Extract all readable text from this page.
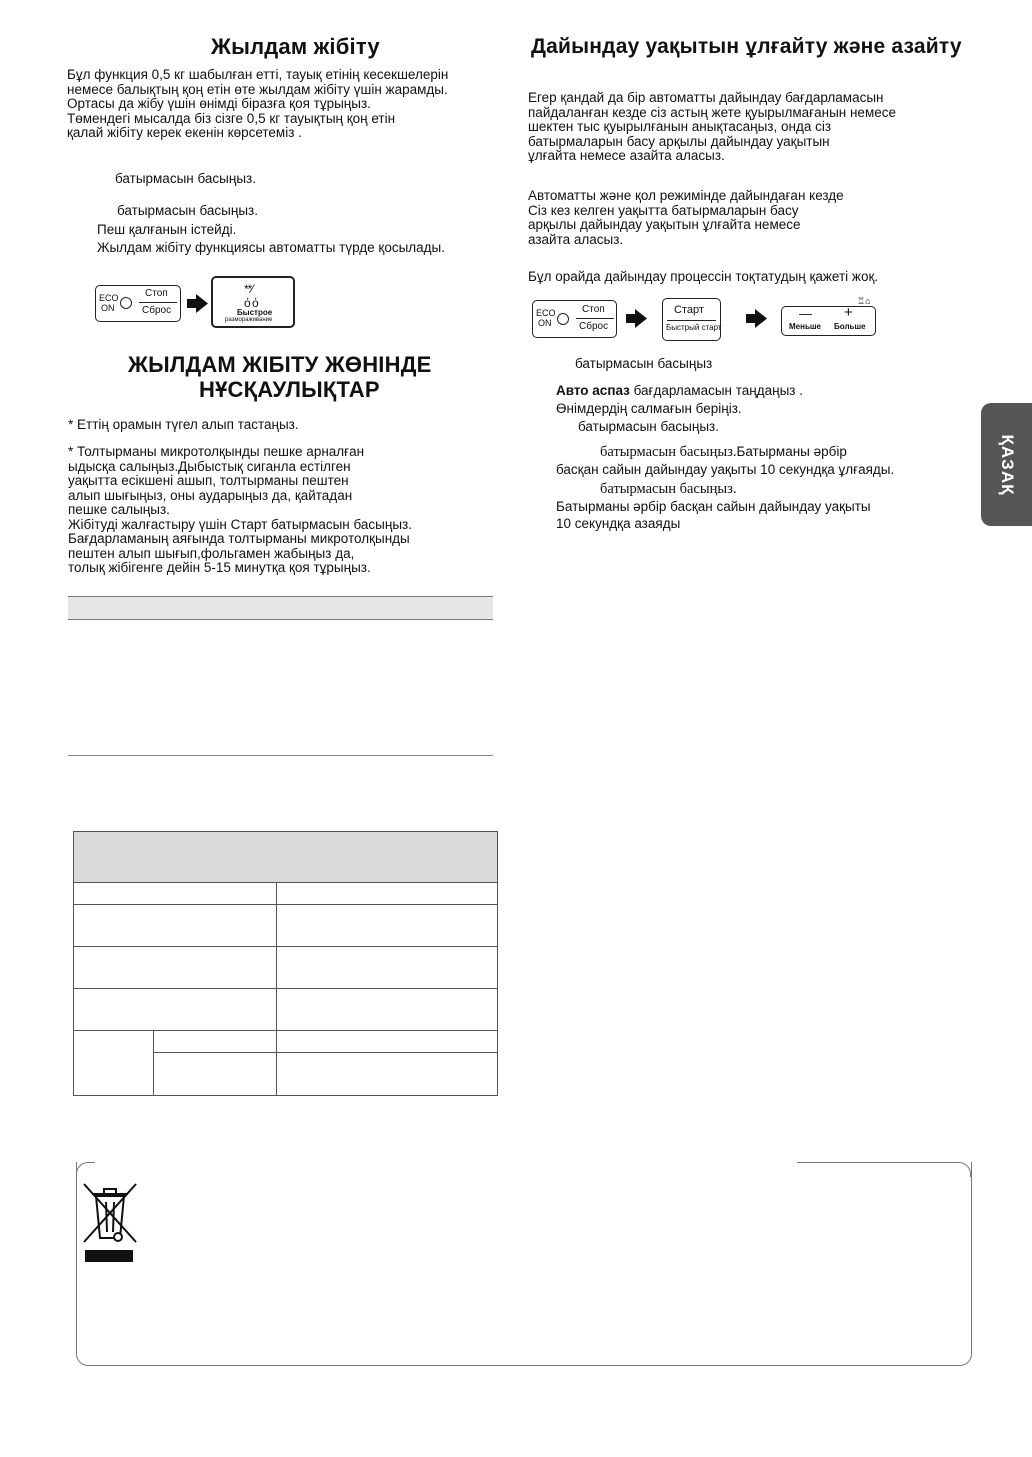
Жылдам жібіту
Бұл функция 0,5 кг шабылған етті, тауық етінің кесекшелерін
немесе балықтың қоң етін өте жылдам жібіту үшін жарамды.
Ортасы да жібу үшін өнімді біразға қоя тұрыңыз.
Төмендегі мысалда біз сізге 0,5 кг тауықтың қоң етін
қалай жібіту керек екенін көрсетеміз .
батырмасын басыңыз.
батырмасын басыңыз.
Пеш қалғанын істейді.
Жылдам жібіту функциясы автоматты түрде қосылады.
ECO
ON
Стоп
Сброс
**⁄
ό ό
Быстрое
размораживание
ЖЫЛДАМ ЖІБІТУ ЖӨНІНДЕ
НҰСҚАУЛЫҚТАР
* Еттің орамын түгел алып тастаңыз.
* Толтырманы микротолқынды пешке арналған
ыдысқа салыңыз.Дыбыстық сиганла естілген
уақытта есікшені ашып, толтырманы пештен
алып шығыңыз, оны аударыңыз да, қайтадан
пешке салыңыз.
Жібітуді жалғастыру үшін Старт батырмасын басыңыз.
Бағдарламаның аяғында толтырманы микротолқынды
пештен алып шығып,фольгамен жабыңыз да,
толық жібігенге дейін 5-15 минутқа қоя тұрыңыз.

Дайындау уақытын ұлғайту және азайту
Егер қандай да бір автоматты дайындау бағдарламасын
пайдаланған кезде сіз астың жете қуырылмағанын немесе
шектен тыс қуырылғанын анықтасаңыз, онда сіз
батырмаларын басу арқылы дайындау уақытын
ұлғайта немесе азайта аласыз.
Автоматты және қол режимінде дайындаған кезде
Сіз кез келген уақытта батырмаларын басу
арқылы дайындау уақытын ұлғайта немесе
азайта аласыз.
Бұл орайда дайындау процессін тоқтатудың қажеті жоқ.
ECO
ON
Стоп
Сброс
Старт
Быстрый старт
♖⌂
— +
Меньше Больше
батырмасын басыңыз
Авто аспаз бағдарламасын таңдаңыз .
Өнімдердің салмағын беріңіз.
батырмасын басыңыз.
батырмасын басыңыз.Батырманы әрбір
басқан сайын дайындау уақыты 10 секундқа ұлғаяды.
батырмасын басыңыз.
Батырманы әрбір басқан сайын дайындау уақыты
10 секундқа азаяды
ҚАЗАҚ
